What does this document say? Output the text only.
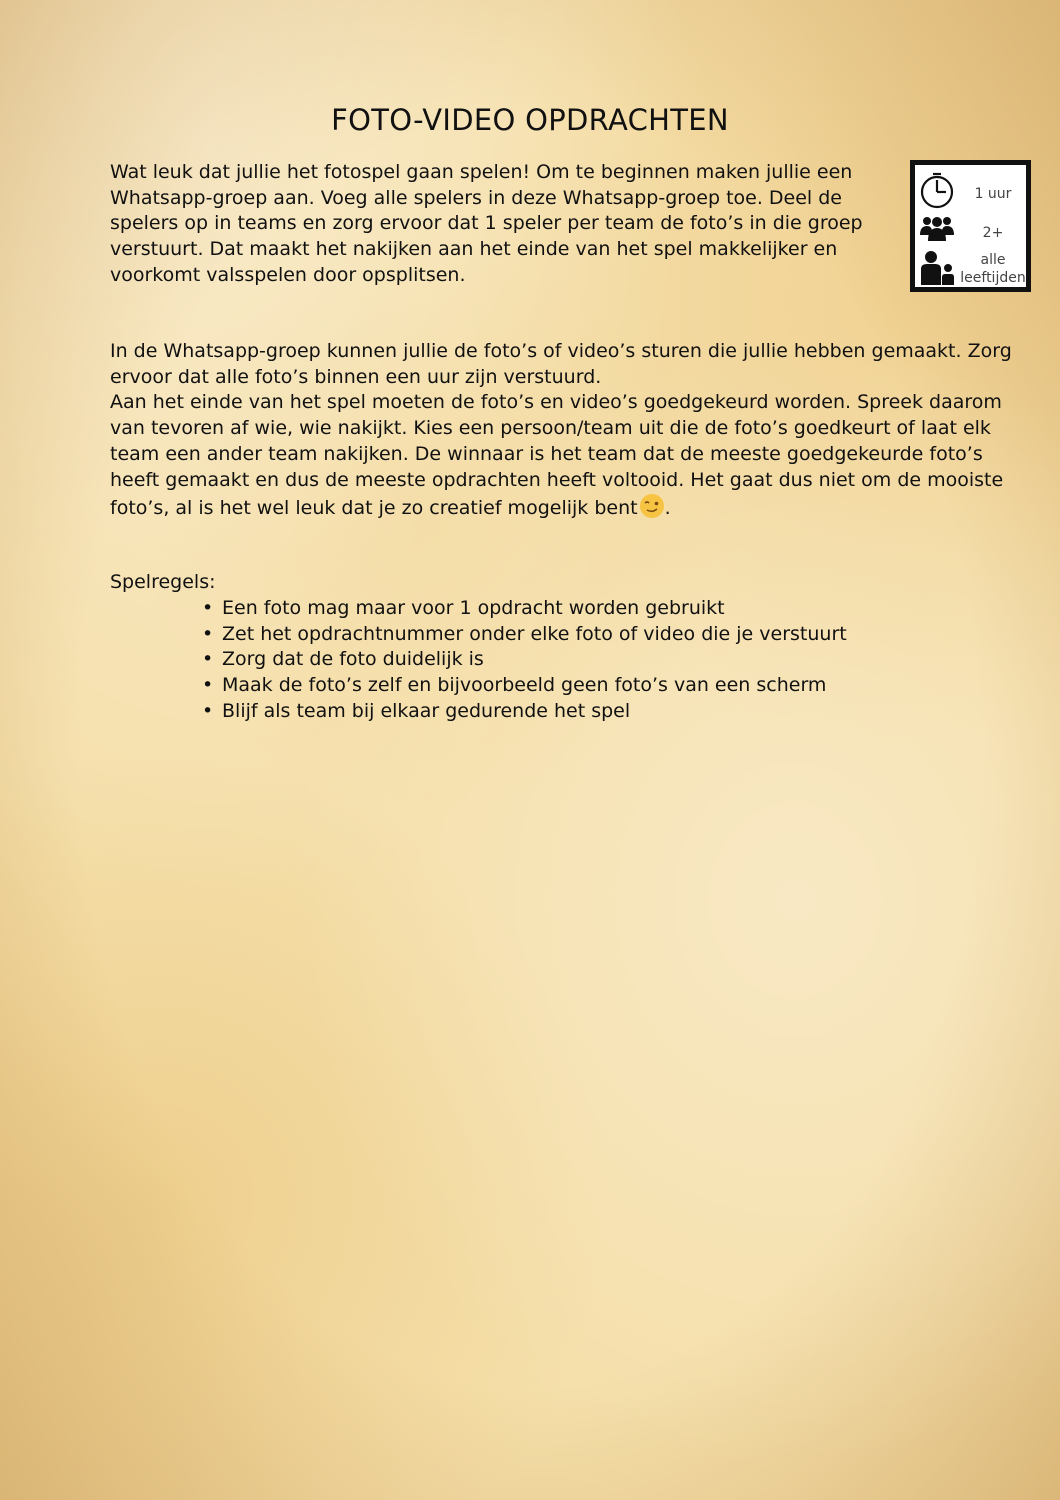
FOTO-VIDEO OPDRACHTEN

Wat leuk dat jullie het fotospel gaan spelen! Om te beginnen maken jullie een Whatsapp-groep aan. Voeg alle spelers in deze Whatsapp-groep toe. Deel de spelers op in teams en zorg ervoor dat 1 speler per team de foto’s in die groep verstuurt. Dat maakt het nakijken aan het einde van het spel makkelijker en voorkomt valsspelen door opsplitsen.

1 uur
2+
alle
leeftijden
In de Whatsapp-groep kunnen jullie de foto’s of video’s sturen die jullie hebben gemaakt. Zorg ervoor dat alle foto’s binnen een uur zijn verstuurd.
Aan het einde van het spel moeten de foto’s en video’s goedgekeurd worden. Spreek daarom van tevoren af wie, wie nakijkt. Kies een persoon/team uit die de foto’s goedkeurt of laat elk team een ander team nakijken. De winnaar is het team dat de meeste goedgekeurde foto’s heeft gemaakt en dus de meeste opdrachten heeft voltooid. Het gaat dus niet om de mooiste foto’s, al is het wel leuk dat je zo creatief mogelijk bent .

Spelregels:

• Een foto mag maar voor 1 opdracht worden gebruikt
• Zet het opdrachtnummer onder elke foto of video die je verstuurt
• Zorg dat de foto duidelijk is
• Maak de foto’s zelf en bijvoorbeeld geen foto’s van een scherm
• Blijf als team bij elkaar gedurende het spel
